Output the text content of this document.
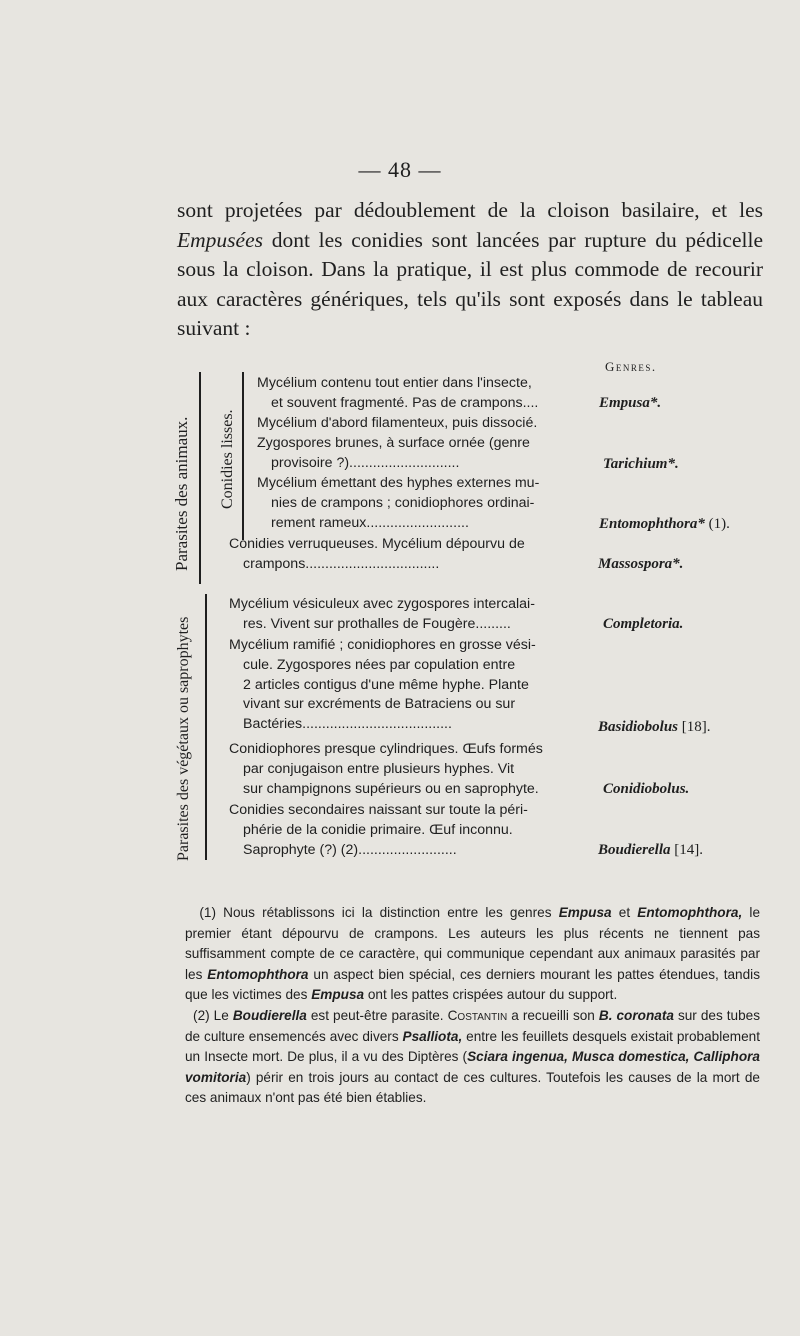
— 48 —
sont projetées par dédoublement de la cloison basilaire, et les Empusées dont les conidies sont lancées par rupture du pédicelle sous la cloison. Dans la pratique, il est plus commode de recourir aux caractères génériques, tels qu'ils sont exposés dans le tableau suivant :
Genres.
Parasites des animaux. Conidies lisses.
Parasites des végétaux ou saprophytes
Mycélium contenu tout entier dans l'insecte,
et souvent fragmenté. Pas de crampons....	Empusa*.
Mycélium d'abord filamenteux, puis dissocié.
Zygospores brunes, à surface ornée (genre
provisoire ?)............................	Tarichium*.
Mycélium émettant des hyphes externes mu-
nies de crampons ; conidiophores ordinai-
rement rameux..........................	Entomophthora* (1).
Conidies verruqueuses. Mycélium dépourvu de
crampons..................................	Massospora*.
Mycélium vésiculeux avec zygospores intercalai-
res. Vivent sur prothalles de Fougère.........	Completoria.
Mycélium ramifié ; conidiophores en grosse vési-
cule. Zygospores nées par copulation entre
2 articles contigus d'une même hyphe. Plante
vivant sur excréments de Batraciens ou sur
Bactéries......................................	Basidiobolus [18].
Conidiophores presque cylindriques. Œufs formés
par conjugaison entre plusieurs hyphes. Vit
sur champignons supérieurs ou en saprophyte.	Conidiobolus.
Conidies secondaires naissant sur toute la péri-
phérie de la conidie primaire. Œuf inconnu.
Saprophyte (?) (2).........................	Boudierella [14].

(1) Nous rétablissons ici la distinction entre les genres Empusa et Entomophthora, le premier étant dépourvu de crampons. Les auteurs les plus récents ne tiennent pas suffisamment compte de ce caractère, qui communique cependant aux animaux parasités par les Entomophthora un aspect bien spécial, ces derniers mourant les pattes étendues, tandis que les victimes des Empusa ont les pattes crispées autour du support.

(2) Le Boudierella est peut-être parasite. Costantin a recueilli son B. coronata sur des tubes de culture ensemencés avec divers Psalliota, entre les feuillets desquels existait probablement un Insecte mort. De plus, il a vu des Diptères (Sciara ingenua, Musca domestica, Calliphora vomitoria) périr en trois jours au contact de ces cultures. Toutefois les causes de la mort de ces animaux n'ont pas été bien établies.
